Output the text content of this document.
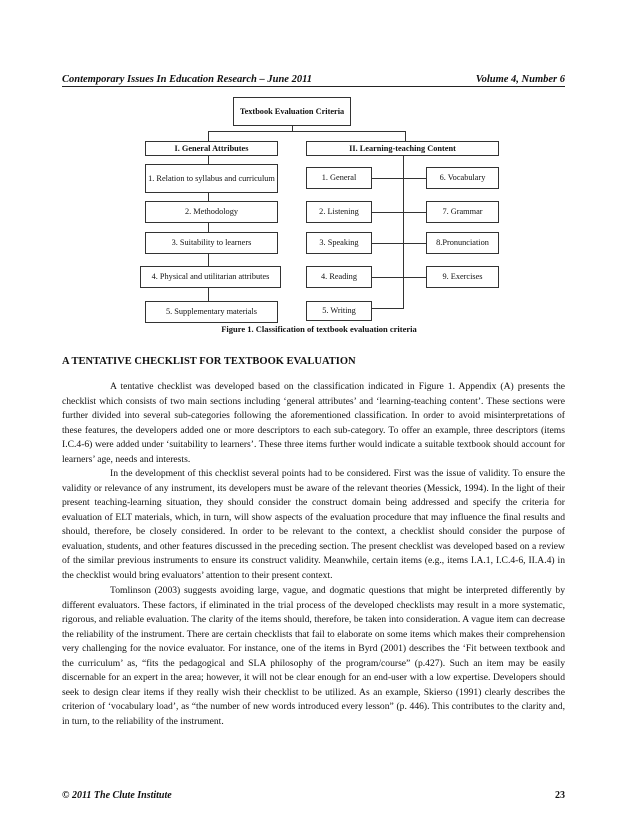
Contemporary Issues In Education Research – June 2011	Volume 4, Number 6
Textbook Evaluation Criteria
I. General Attributes	II. Learning-teaching Content
1. Relation to syllabus and curriculum
2. Methodology
3. Suitability to learners
4. Physical and utilitarian attributes
5. Supplementary materials
1. General
2. Listening
3. Speaking
4. Reading
5. Writing
6. Vocabulary
7. Grammar
8.Pronunciation
9. Exercises
Figure 1. Classification of textbook evaluation criteria
A TENTATIVE CHECKLIST FOR TEXTBOOK EVALUATION

A tentative checklist was developed based on the classification indicated in Figure 1. Appendix (A) presents the checklist which consists of two main sections including ‘general attributes’ and ‘learning-teaching content’. These sections were further divided into several sub-categories following the aforementioned classification. In order to avoid misinterpretations of these features, the developers added one or more descriptors to each sub-category. To offer an example, three descriptors (items I.C.4-6) were added under ‘suitability to learners’. These three items further would indicate a suitable textbook should account for learners’ age, needs and interests.

In the development of this checklist several points had to be considered. First was the issue of validity. To ensure the validity or relevance of any instrument, its developers must be aware of the relevant theories (Messick, 1994). In the light of their present teaching-learning situation, they should consider the construct domain being addressed and specify the criteria for evaluation of ELT materials, which, in turn, will show aspects of the evaluation procedure that may influence the final results and should, therefore, be closely considered. In order to be relevant to the context, a checklist should consider the purpose of evaluation, students, and other features discussed in the preceding section. The present checklist was developed based on a review of the similar previous instruments to ensure its construct validity. Meanwhile, certain items (e.g., items I.A.1, I.C.4-6, II.A.4) in the checklist would bring evaluators’ attention to their present context.

Tomlinson (2003) suggests avoiding large, vague, and dogmatic questions that might be interpreted differently by different evaluators. These factors, if eliminated in the trial process of the developed checklists may result in a more systematic, rigorous, and reliable evaluation. The clarity of the items should, therefore, be taken into consideration. A vague item can decrease the reliability of the instrument. There are certain checklists that fail to elaborate on some items which makes their comprehension very challenging for the novice evaluator. For instance, one of the items in Byrd (2001) describes the ‘Fit between textbook and the curriculum’ as, “fits the pedagogical and SLA philosophy of the program/course” (p.427). Such an item may be easily discernable for an expert in the area; however, it will not be clear enough for an end-user with a low expertise. Developers should seek to design clear items if they really wish their checklist to be utilized. As an example, Skierso (1991) clearly describes the criterion of ‘vocabulary load’, as “the number of new words introduced every lesson” (p. 446). This contributes to the clarity and, in turn, to the reliability of the instrument.

© 2011 The Clute Institute	23
